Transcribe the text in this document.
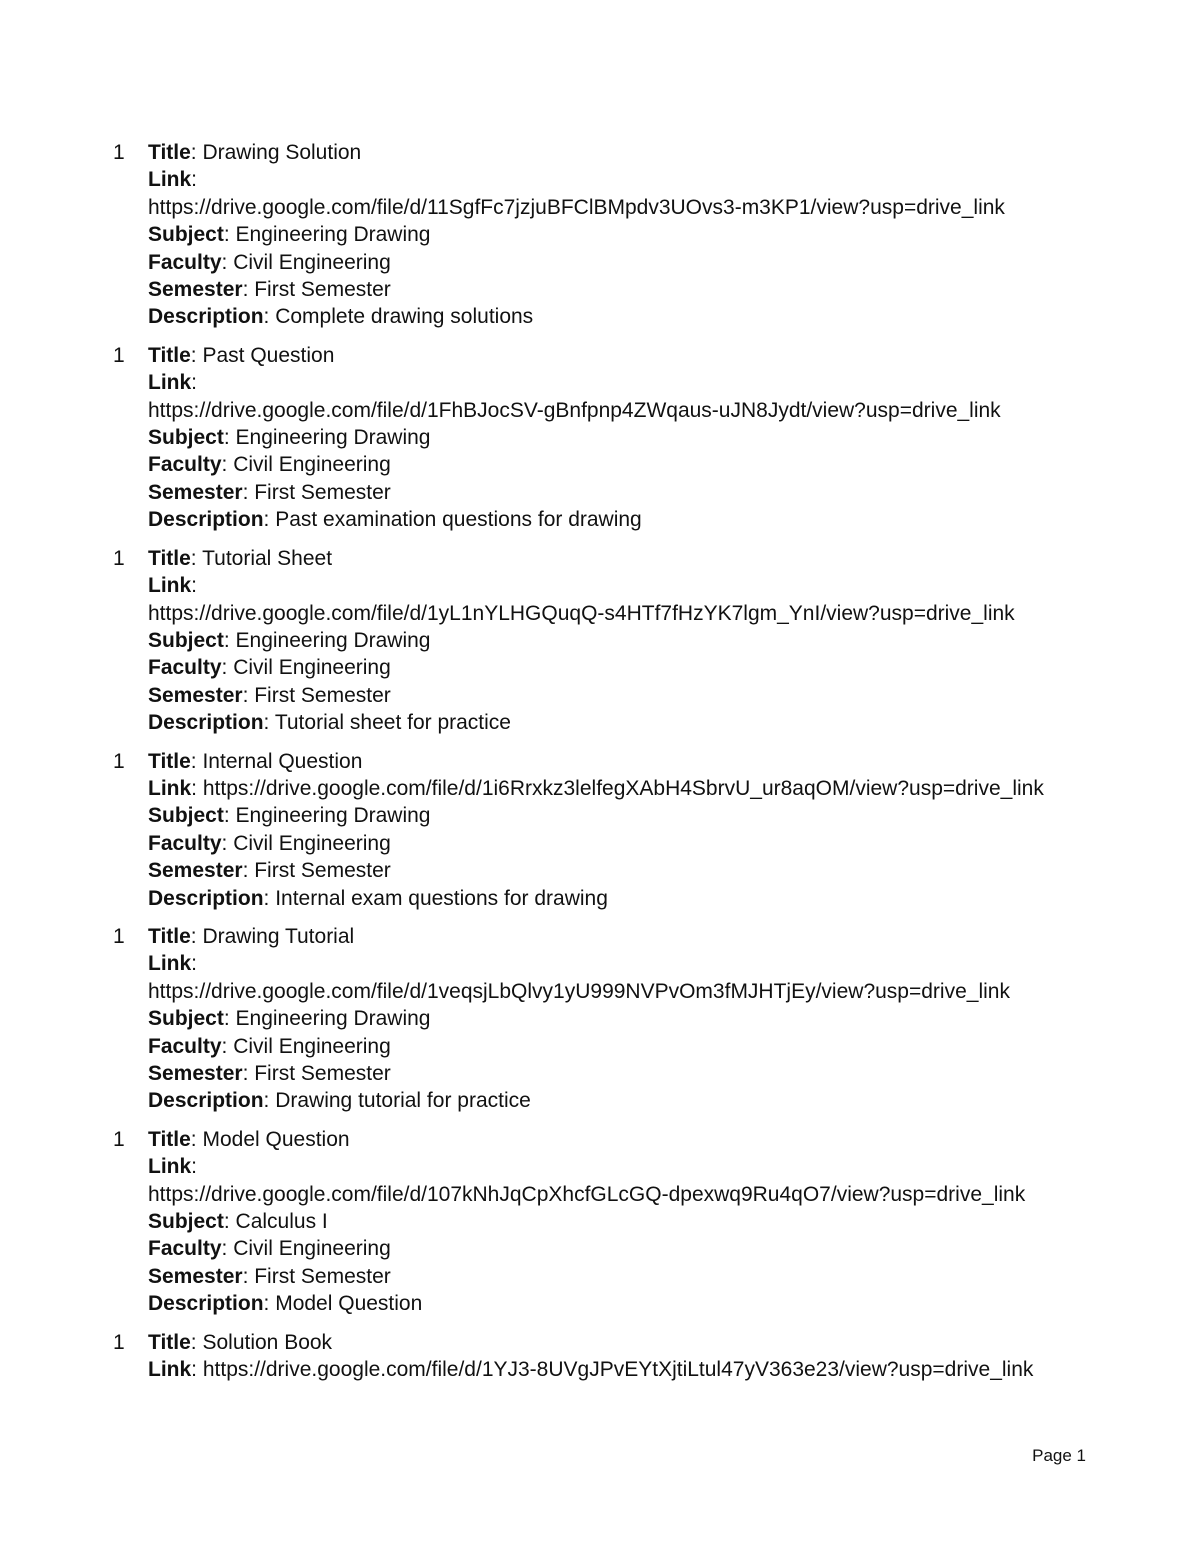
1 Title: Drawing Solution
Link:
https://drive.google.com/file/d/11SgfFc7jzjuBFClBMpdv3UOvs3-m3KP1/view?usp=drive_link
Subject: Engineering Drawing
Faculty: Civil Engineering
Semester: First Semester
Description: Complete drawing solutions
1 Title: Past Question
Link:
https://drive.google.com/file/d/1FhBJocSV-gBnfpnp4ZWqaus-uJN8Jydt/view?usp=drive_link
Subject: Engineering Drawing
Faculty: Civil Engineering
Semester: First Semester
Description: Past examination questions for drawing
1 Title: Tutorial Sheet
Link:
https://drive.google.com/file/d/1yL1nYLHGQuqQ-s4HTf7fHzYK7lgm_YnI/view?usp=drive_link
Subject: Engineering Drawing
Faculty: Civil Engineering
Semester: First Semester
Description: Tutorial sheet for practice
1 Title: Internal Question
Link: https://drive.google.com/file/d/1i6Rrxkz3lelfegXAbH4SbrvU_ur8aqOM/view?usp=drive_link
Subject: Engineering Drawing
Faculty: Civil Engineering
Semester: First Semester
Description: Internal exam questions for drawing
1 Title: Drawing Tutorial
Link:
https://drive.google.com/file/d/1veqsjLbQlvy1yU999NVPvOm3fMJHTjEy/view?usp=drive_link
Subject: Engineering Drawing
Faculty: Civil Engineering
Semester: First Semester
Description: Drawing tutorial for practice
1 Title: Model Question
Link:
https://drive.google.com/file/d/107kNhJqCpXhcfGLcGQ-dpexwq9Ru4qO7/view?usp=drive_link
Subject: Calculus I
Faculty: Civil Engineering
Semester: First Semester
Description: Model Question
1 Title: Solution Book
Link: https://drive.google.com/file/d/1YJ3-8UVgJPvEYtXjtiLtul47yV363e23/view?usp=drive_link
Page 1
